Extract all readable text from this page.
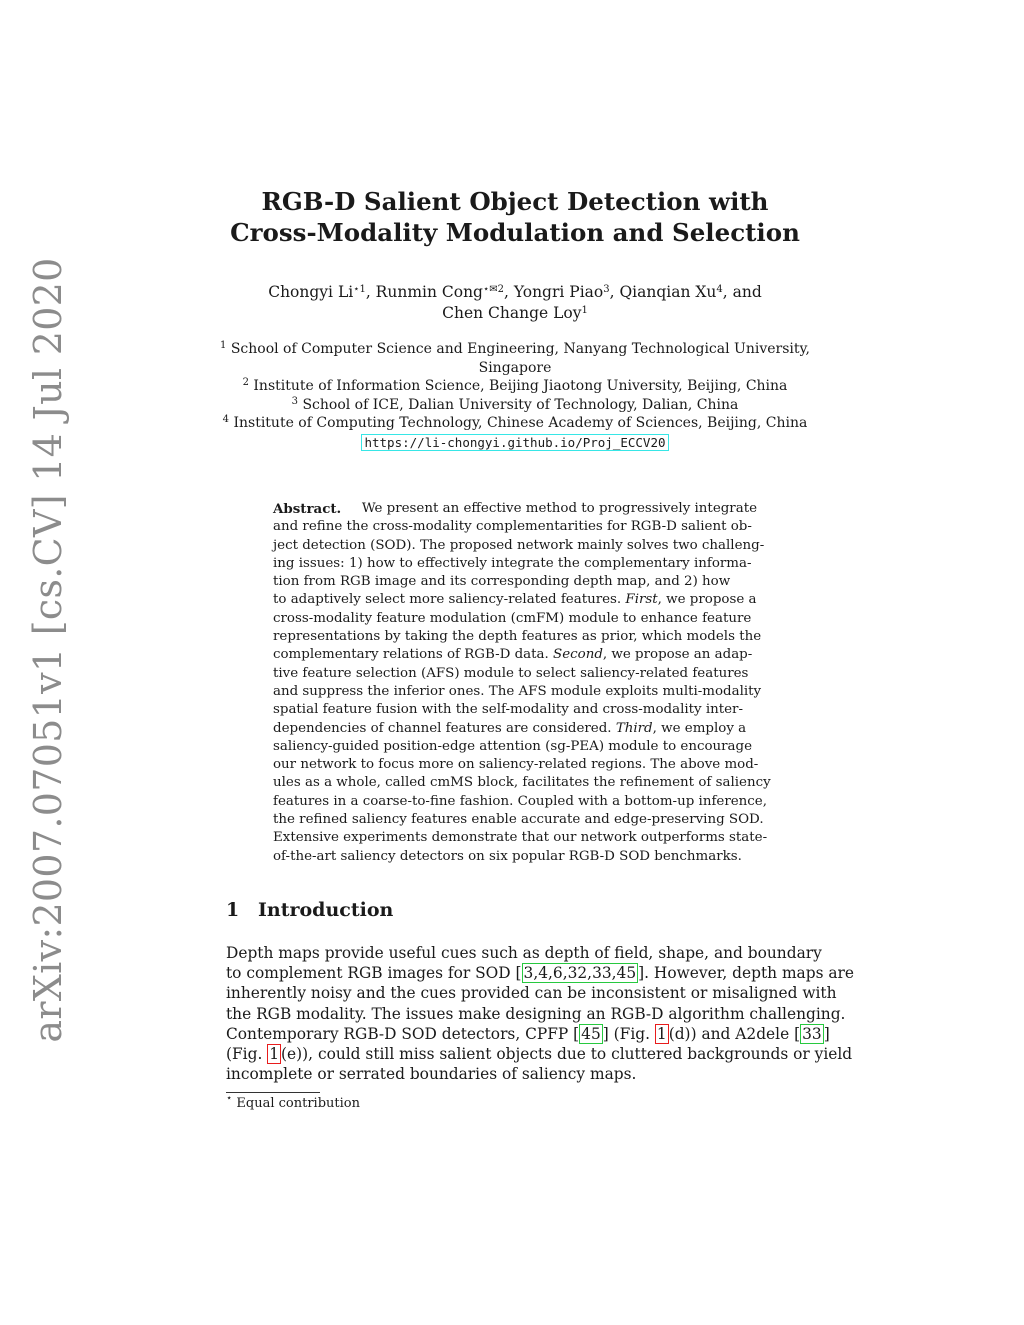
arXiv:2007.07051v1 [cs.CV] 14 Jul 2020
RGB-D Salient Object Detection with
Cross-Modality Modulation and Selection
Chongyi $Li^{⋆1}$, Runmin Cong$^{⋆✉2}$, Yongri Piao$^3$, Qianqian Xu$^4$, and
Chen Change Loy$^1$
$^1$ School of Computer Science and Engineering, Nanyang Technological University,
Singapore
$^2$ Institute of Information Science, Beijing Jiaotong University, Beijing, China
$^3$ School of ICE, Dalian University of Technology, Dalian, China
$^4$ Institute of Computing Technology, Chinese Academy of Sciences, Beijing, China
https://li-chongyi.github.io/Proj_ECCV20
Abstract. We present an effective method to progressively integrate
and refine the cross-modality complementarities for RGB-D salient ob-
ject detection (SOD). The proposed network mainly solves two challeng-
ing issues: 1) how to effectively integrate the complementary informa-
tion from RGB image and its corresponding depth map, and 2) how
to adaptively select more saliency-related features. First, we propose a
cross-modality feature modulation (cmFM) module to enhance feature
representations by taking the depth features as prior, which models the
complementary relations of RGB-D data. Second, we propose an adap-
tive feature selection (AFS) module to select saliency-related features
and suppress the inferior ones. The AFS module exploits multi-modality
spatial feature fusion with the self-modality and cross-modality inter-
dependencies of channel features are considered. Third, we employ a
saliency-guided position-edge attention (sg-PEA) module to encourage
our network to focus more on saliency-related regions. The above mod-
ules as a whole, called cmMS block, facilitates the refinement of saliency
features in a coarse-to-fine fashion. Coupled with a bottom-up inference,
the refined saliency features enable accurate and edge-preserving SOD.
Extensive experiments demonstrate that our network outperforms state-
of-the-art saliency detectors on six popular RGB-D SOD benchmarks.
1 Introduction
Depth maps provide useful cues such as depth of field, shape, and boundary
to complement RGB images for SOD [ 3,4,6,32,33,45 ]. However, depth maps are
inherently noisy and the cues provided can be inconsistent or misaligned with
the RGB modality. The issues make designing an RGB-D algorithm challenging.
Contemporary RGB-D SOD detectors, CPFP [ 45 ] (Fig. 1 (d)) and A2dele [ 33 ]
(Fig. 1 (e)), could still miss salient objects due to cluttered backgrounds or yield
incomplete or serrated boundaries of saliency maps.
⋆ Equal contribution
